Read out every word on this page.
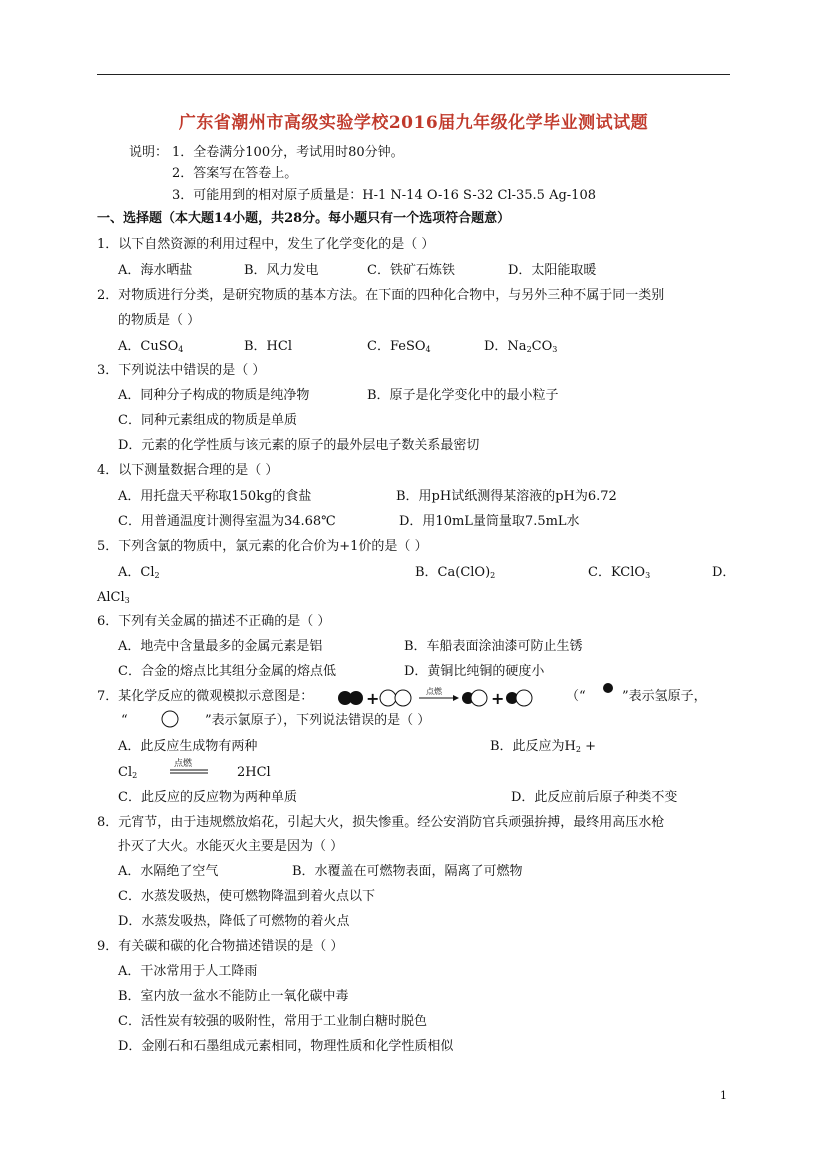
广东省潮州市高级实验学校2016届九年级化学毕业测试试题
说明： 1．全卷满分100分，考试用时80分钟。
2．答案写在答卷上。
3．可能用到的相对原子质量是：H-1 N-14 O-16 S-32 Cl-35.5 Ag-108
一、选择题（本大题14小题，共28分。每小题只有一个选项符合题意）
1．以下自然资源的利用过程中，发生了化学变化的是（ ）
A．海水晒盐	B．风力发电	C．铁矿石炼铁	D．太阳能取暖
2．对物质进行分类，是研究物质的基本方法。在下面的四种化合物中，与另外三种不属于同一类别
的物质是（ ）
A．CuSO$_4$	B．HCl	C．FeSO$_4$	D．$Na_2CO_3$
3．下列说法中错误的是（ ）
A．同种分子构成的物质是纯净物	B．原子是化学变化中的最小粒子
C．同种元素组成的物质是单质
D．元素的化学性质与该元素的原子的最外层电子数关系最密切
4．以下测量数据合理的是（ ）
A．用托盘天平称取150kg的食盐	B．用pH试纸测得某溶液的pH为6.72
C．用普通温度计测得室温为34.68℃	D．用10mL量筒量取7.5mL水
5．下列含氯的物质中，氯元素的化合价为+1价的是（ ）
A．$Cl_2$	B．$Ca(ClO)_2$	C．KClO$_3$	D．
AlCl$_3$
6．下列有关金属的描述不正确的是（ ）
A．地壳中含量最多的金属元素是铝	B．车船表面涂油漆可防止生锈
C．合金的熔点比其组分金属的熔点低	D．黄铜比纯铜的硬度小
7．某化学反应的微观模拟示意图是：	+	点燃	+	（“	”表示氢原子，
“	”表示氯原子），下列说法错误的是（ ）
A．此反应生成物有两种	B．此反应为$H_2$ +
$Cl_2$
点燃
2HCl
C．此反应的反应物为两种单质	D．此反应前后原子种类不变
8．元宵节，由于违规燃放焰花，引起大火，损失惨重。经公安消防官兵顽强拚搏，最终用高压水枪
扑灭了大火。水能灭火主要是因为（ ）
A．水隔绝了空气	B．水覆盖在可燃物表面，隔离了可燃物
C．水蒸发吸热，使可燃物降温到着火点以下
D．水蒸发吸热，降低了可燃物的着火点
9．有关碳和碳的化合物描述错误的是（ ）
A．干冰常用于人工降雨
B．室内放一盆水不能防止一氧化碳中毒
C．活性炭有较强的吸附性，常用于工业制白糖时脱色
D．金刚石和石墨组成元素相同，物理性质和化学性质相似
1
